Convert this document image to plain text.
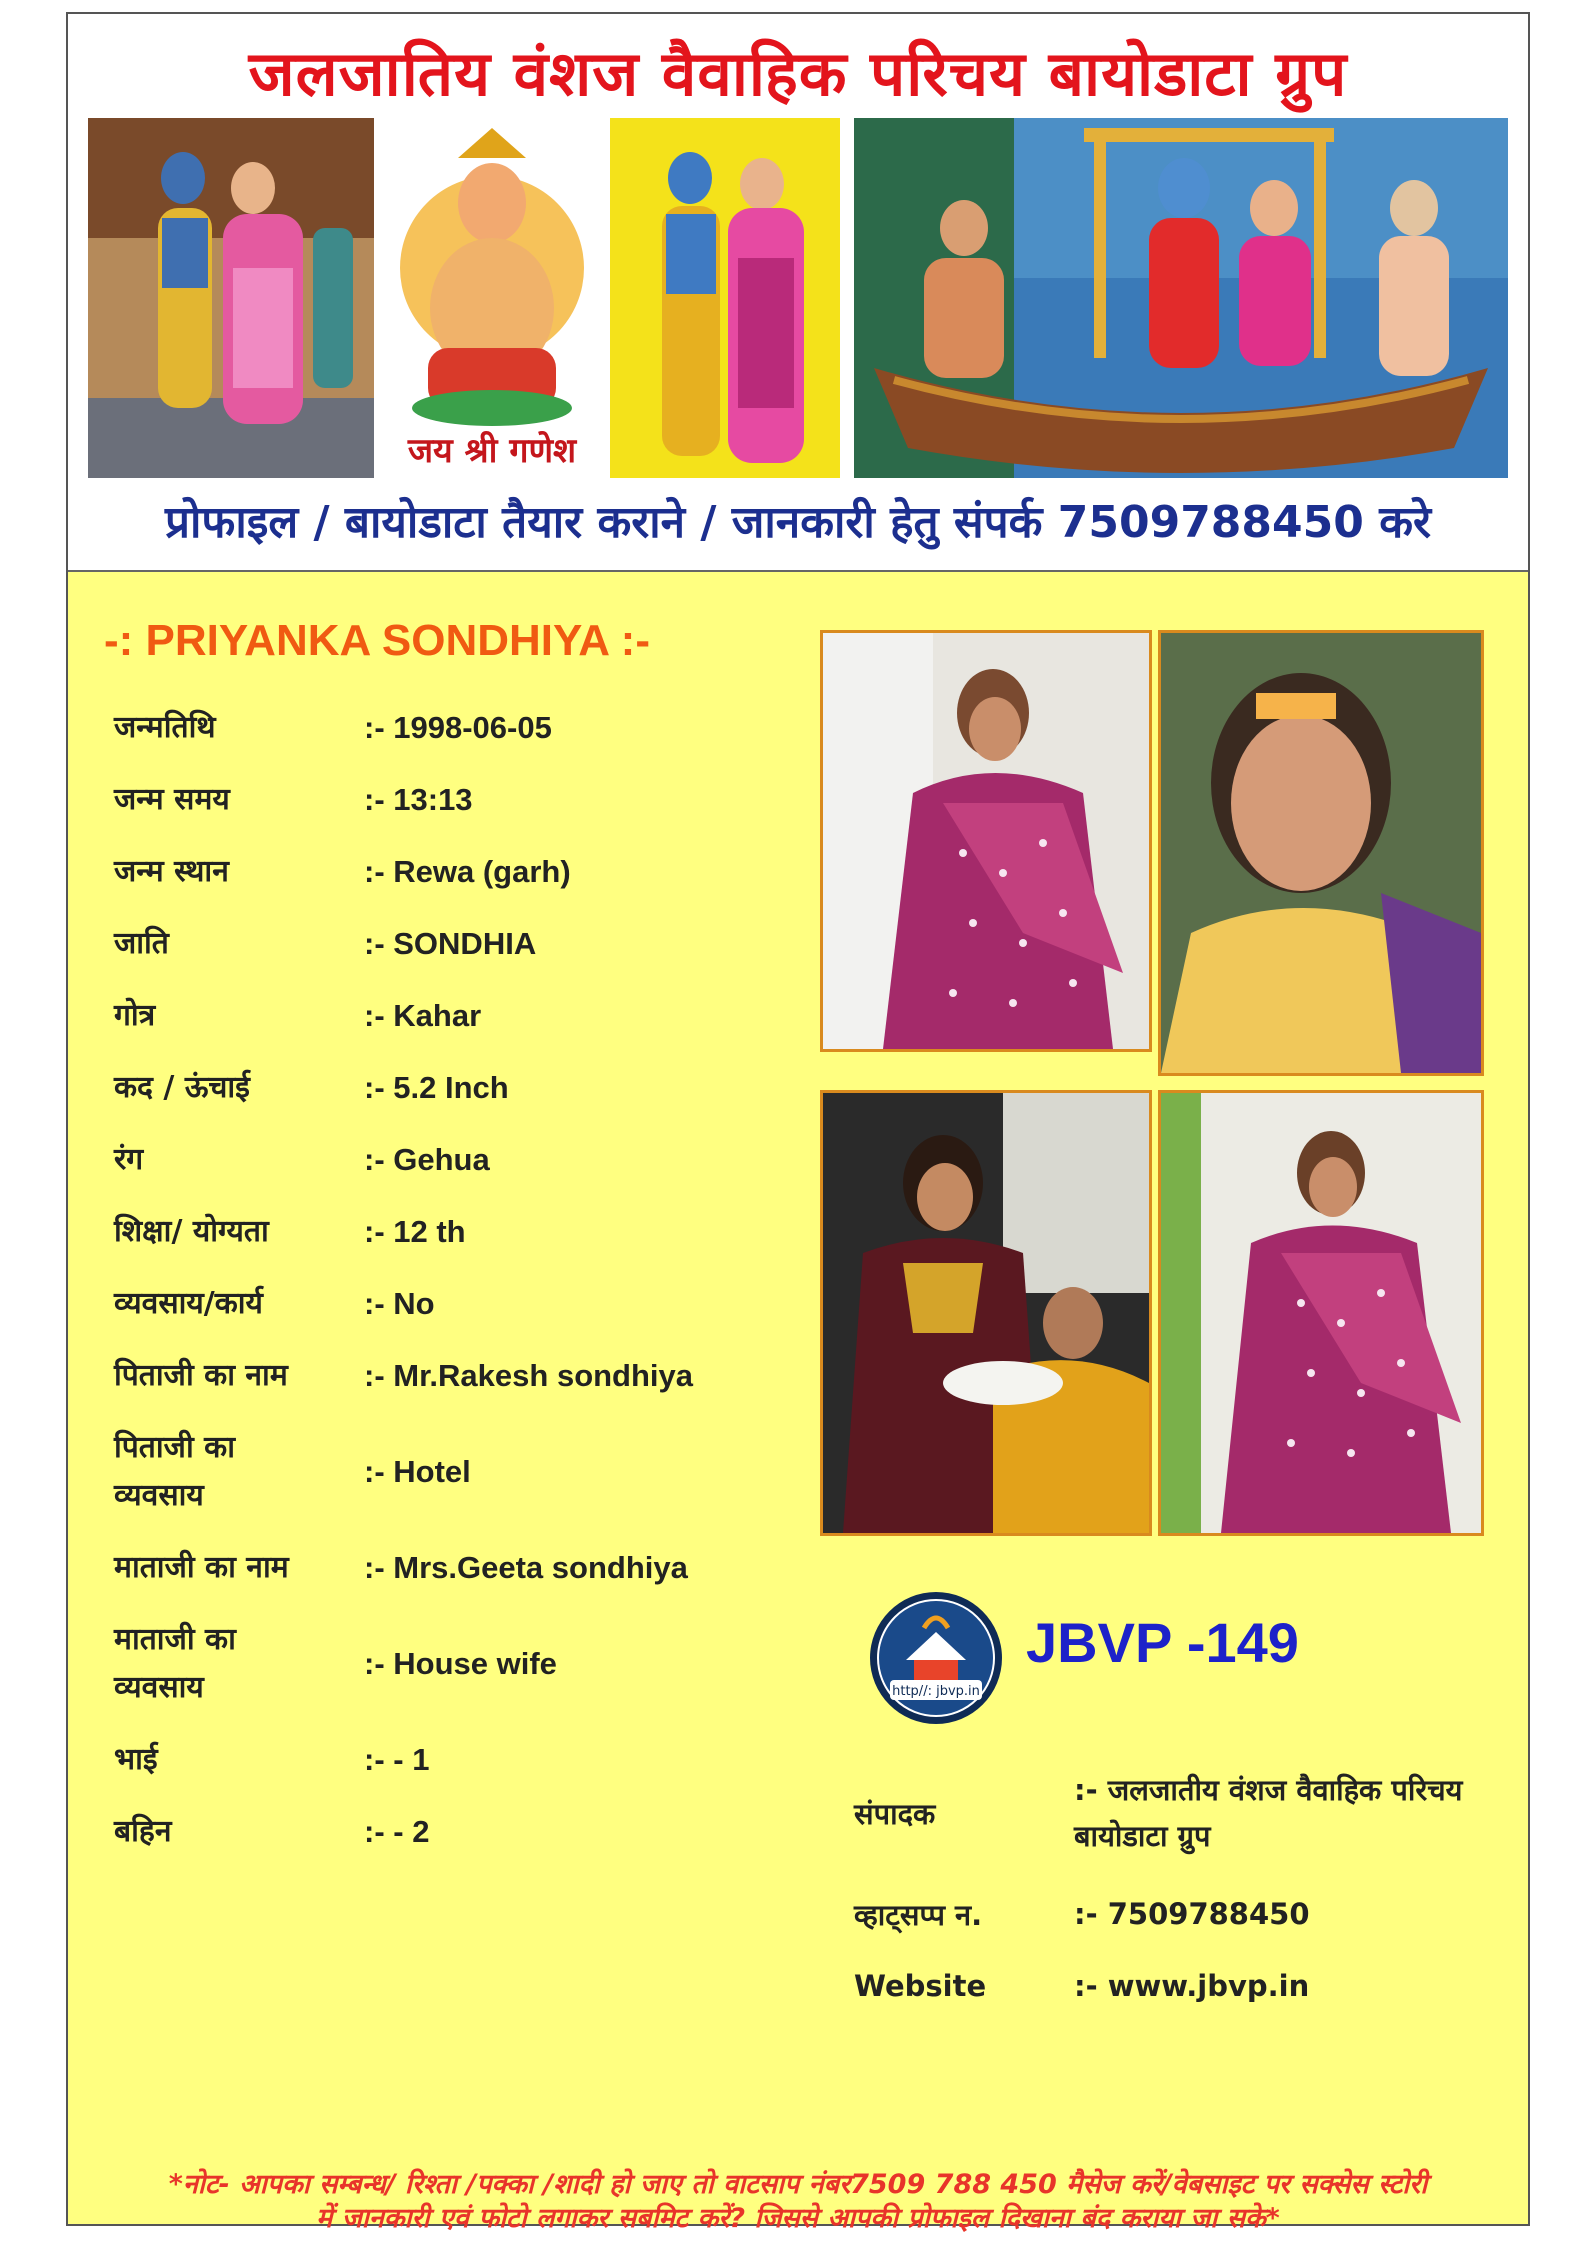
जलजातिय वंशज वैवाहिक परिचय बायोडाटा ग्रुप
जय श्री गणेश
प्रोफाइल / बायोडाटा तैयार कराने / जानकारी हेतु संपर्क 7509788450 करे
-: PRIYANKA SONDHIYA :-
जन्मतिथि	:- 1998-06-05
जन्म समय	:- 13:13
जन्म स्थान	:- Rewa (garh)
जाति	:- SONDHIA
गोत्र	:- Kahar
कद / ऊंचाई	:- 5.2 Inch
रंग	:- Gehua
शिक्षा/ योग्यता	:- 12 th
व्यवसाय/कार्य	:- No
पिताजी का नाम	:- Mr.Rakesh sondhiya
पिताजी का व्यवसाय
:- Hotel
माताजी का नाम	:- Mrs.Geeta sondhiya
माताजी का व्यवसाय
:- House wife
भाई	:- - 1
बहिन	:- - 2
http//: jbvp.in
JBVP -149
संपादक
:- जलजातीय वंशज वैवाहिक परिचय बायोडाटा ग्रुप
व्हाट्सप्प न.	:- 7509788450
Website	:- www.jbvp.in
*नोट- आपका सम्बन्ध/ रिश्ता /पक्का /शादी हो जाए तो वाटसाप नंबर7509 788 450 मैसेज करें/वेबसाइट पर सक्सेस स्टोरी
में जानकारी एवं फोटो लगाकर सबमिट करें? जिससे आपकी प्रोफाइल दिखाना बंद कराया जा सके*
